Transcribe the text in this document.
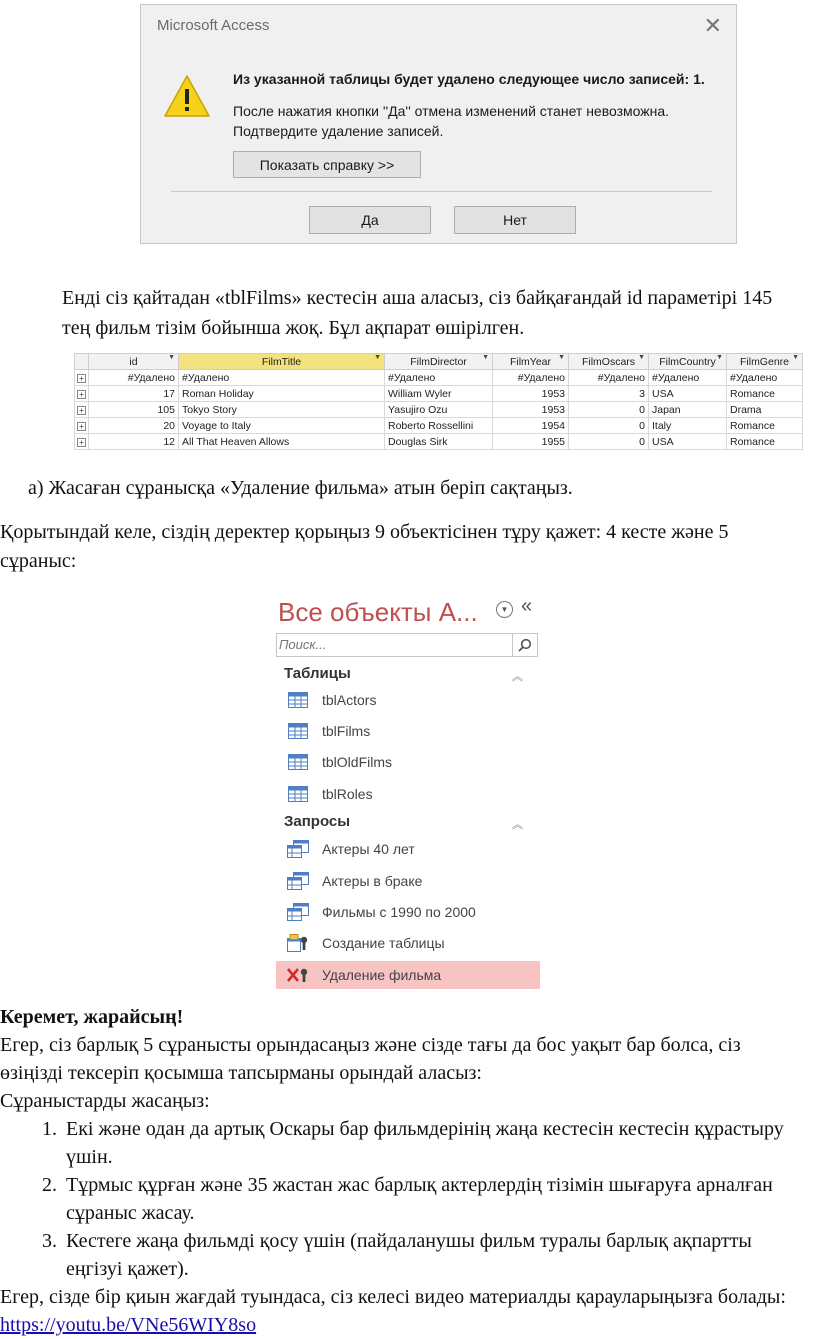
Microsoft Access	✕
Из указанной таблицы будет удалено следующее число записей: 1.
После нажатия кнопки ''Да'' отмена изменений станет невозможна.
Подтвердите удаление записей.
Показать справку >>
Да	Нет
Енді сіз қайтадан «tblFilms» кестесін аша аласыз, сіз байқағандай id параметірі 145 тең фильм тізім бойынша жоқ. Бұл ақпарат өшірілген.
	id ▼	FilmTitle ▼	FilmDirector ▼	FilmYear ▼	FilmOscars ▼	FilmCountry ▼	FilmGenre ▼

+	#Удалено	#Удалено	#Удалено	#Удалено	#Удалено	#Удалено	#Удалено
+	17	Roman Holiday	William Wyler	1953	3	USA	Romance
+	105	Tokyo Story	Yasujiro Ozu	1953	0	Japan	Drama
+	20	Voyage to Italy	Roberto Rossellini	1954	0	Italy	Romance
+	12	All That Heaven Allows	Douglas Sirk	1955	0	USA	Romance
a) Жасаған сұранысқа «Удаление фильма» атын беріп сақтаңыз.
Қорытындай келе, сіздің деректер қорыңыз 9 объектісінен тұру қажет: 4 кесте және 5 сұраныс:
Все объекты А...	▼ «
Поиск...
Таблицы	︽
tblActors
tblFilms
tblOldFilms
tblRoles
Запросы	︽
Актеры 40 лет
Актеры в браке
Фильмы с 1990 по 2000
Создание таблицы
Удаление фильма

Керемет, жарайсың!

Егер, сіз барлық 5 сұранысты орындасаңыз және сізде тағы да бос уақыт бар болса, сіз өзіңізді тексеріп қосымша тапсырманы орындай аласыз:

Сұраныстарды жасаңыз:

1. Екі және одан да артық Оскары бар фильмдерінің жаңа кестесін кестесін құрастыру үшін.
2. Тұрмыс құрған және 35 жастан жас барлық актерлердің тізімін шығаруға арналған сұраныс жасау.
3. Кестеге жаңа фильмді қосу үшін (пайдаланушы фильм туралы барлық ақпартты еңгізуі қажет).

Егер, сізде бір қиын жағдай туындаса, сіз келесі видео материалды қарауларыңызға болады: https://youtu.be/VNe56WIY8so
